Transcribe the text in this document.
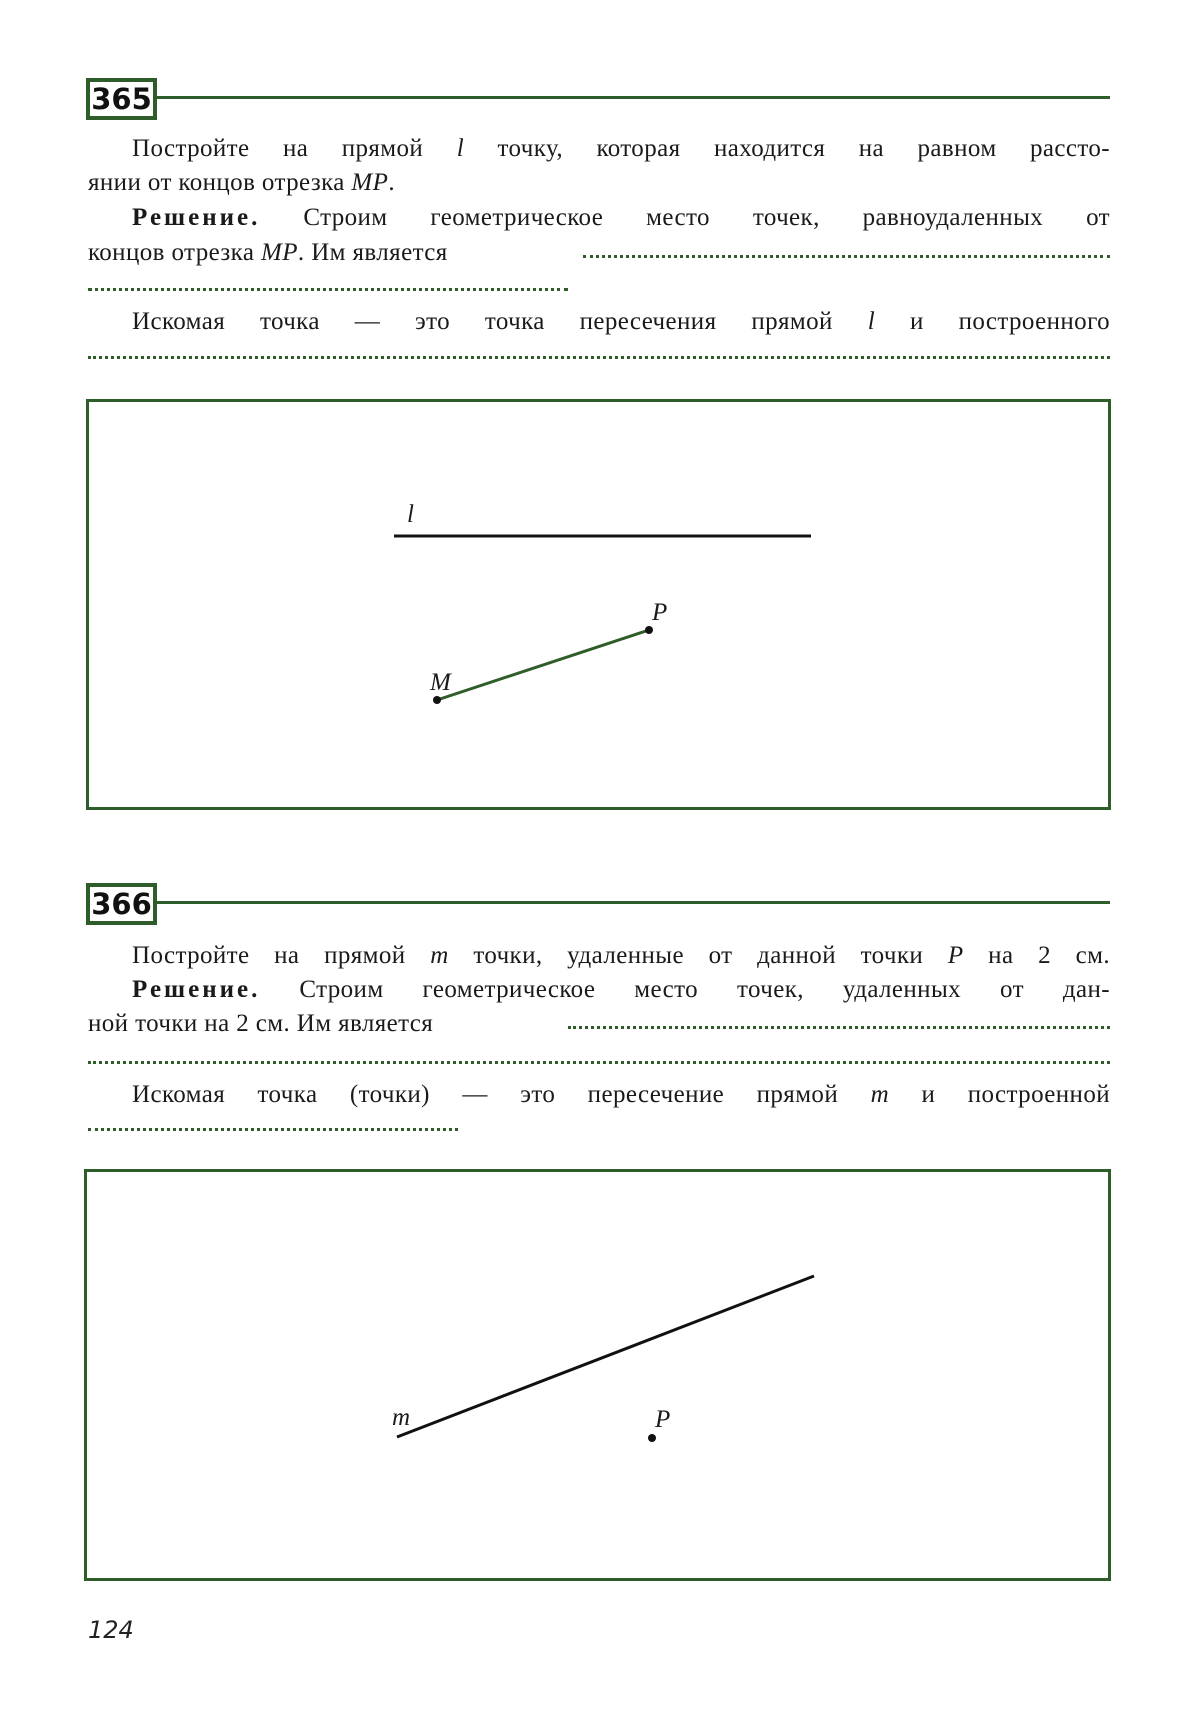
365
Постройте на прямой l точку, которая находится на равном рассто-
янии от концов отрезка MP.
Решение. Строим геометрическое место точек, равноудаленных от
концов отрезка MP. Им является
Искомая точка — это точка пересечения прямой l и построенного
l
P
M
366
Постройте на прямой m точки, удаленные от данной точки P на 2 см.
Решение. Строим геометрическое место точек, удаленных от дан-
ной точки на 2 см. Им является
Искомая точка (точки) — это пересечение прямой m и построенной
m	P
124
